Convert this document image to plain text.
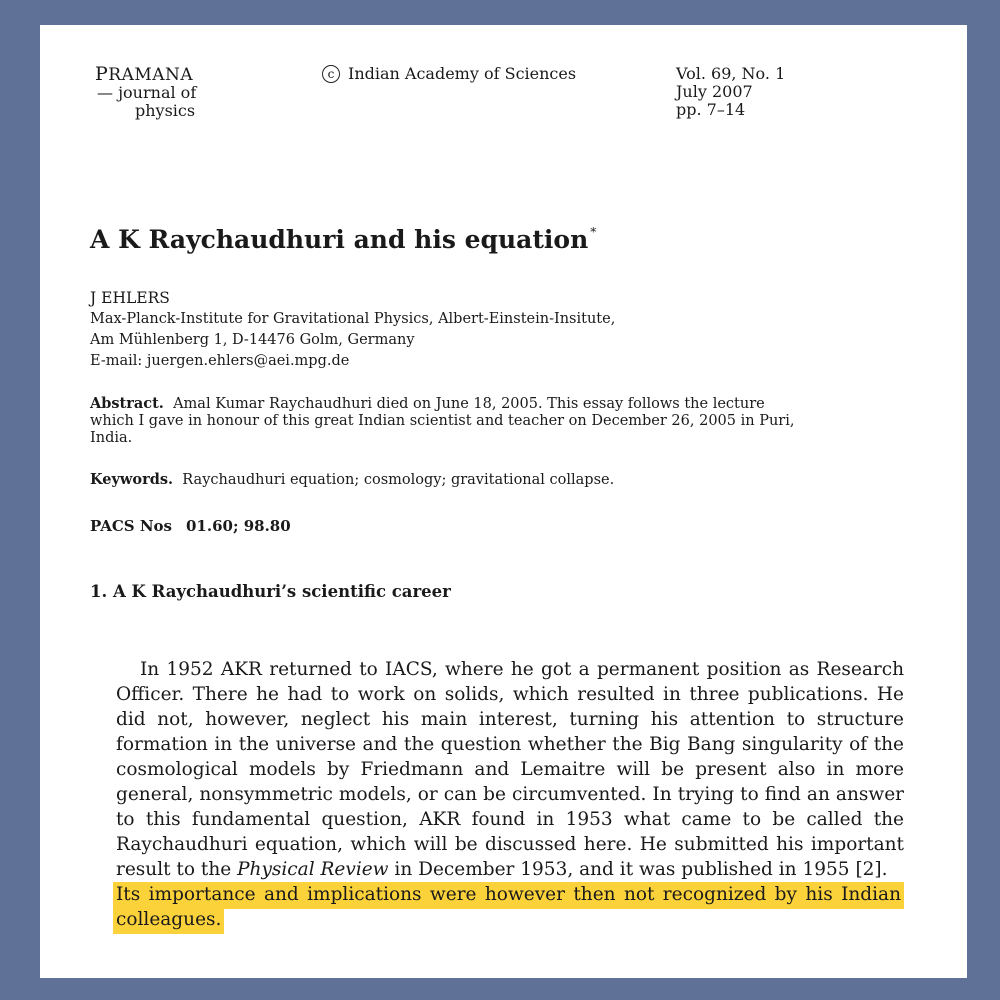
PRAMANA
— journal of
physics
c Indian Academy of Sciences	Vol. 69, No. 1
July 2007
pp. 7–14
A K Raychaudhuri and his equation *
J EHLERS
Max-Planck-Institute for Gravitational Physics, Albert-Einstein-Insitute,
Am Mühlenberg 1, D-14476 Golm, Germany
E-mail: juergen.ehlers@aei.mpg.de
Abstract. Amal Kumar Raychaudhuri died on June 18, 2005. This essay follows the lecture which I gave in honour of this great Indian scientist and teacher on December 26, 2005 in Puri, India.
Keywords. Raychaudhuri equation; cosmology; gravitational collapse.
PACS Nos 01.60; 98.80
1. A K Raychaudhuri’s scientific career

In 1952 AKR returned to IACS, where he got a permanent position as Research Officer. There he had to work on solids, which resulted in three publications. He did not, however, neglect his main interest, turning his attention to structure formation in the universe and the question whether the Big Bang singularity of the cosmological models by Friedmann and Lemaitre will be present also in more general, nonsymmetric models, or can be circumvented. In trying to find an answer to this fundamental question, AKR found in 1953 what came to be called the Raychaudhuri equation, which will be discussed here. He submitted his important result to the Physical Review in December 1953, and it was published in 1955 [2].
Its importance and implications were however then not recognized by his Indian colleagues.
